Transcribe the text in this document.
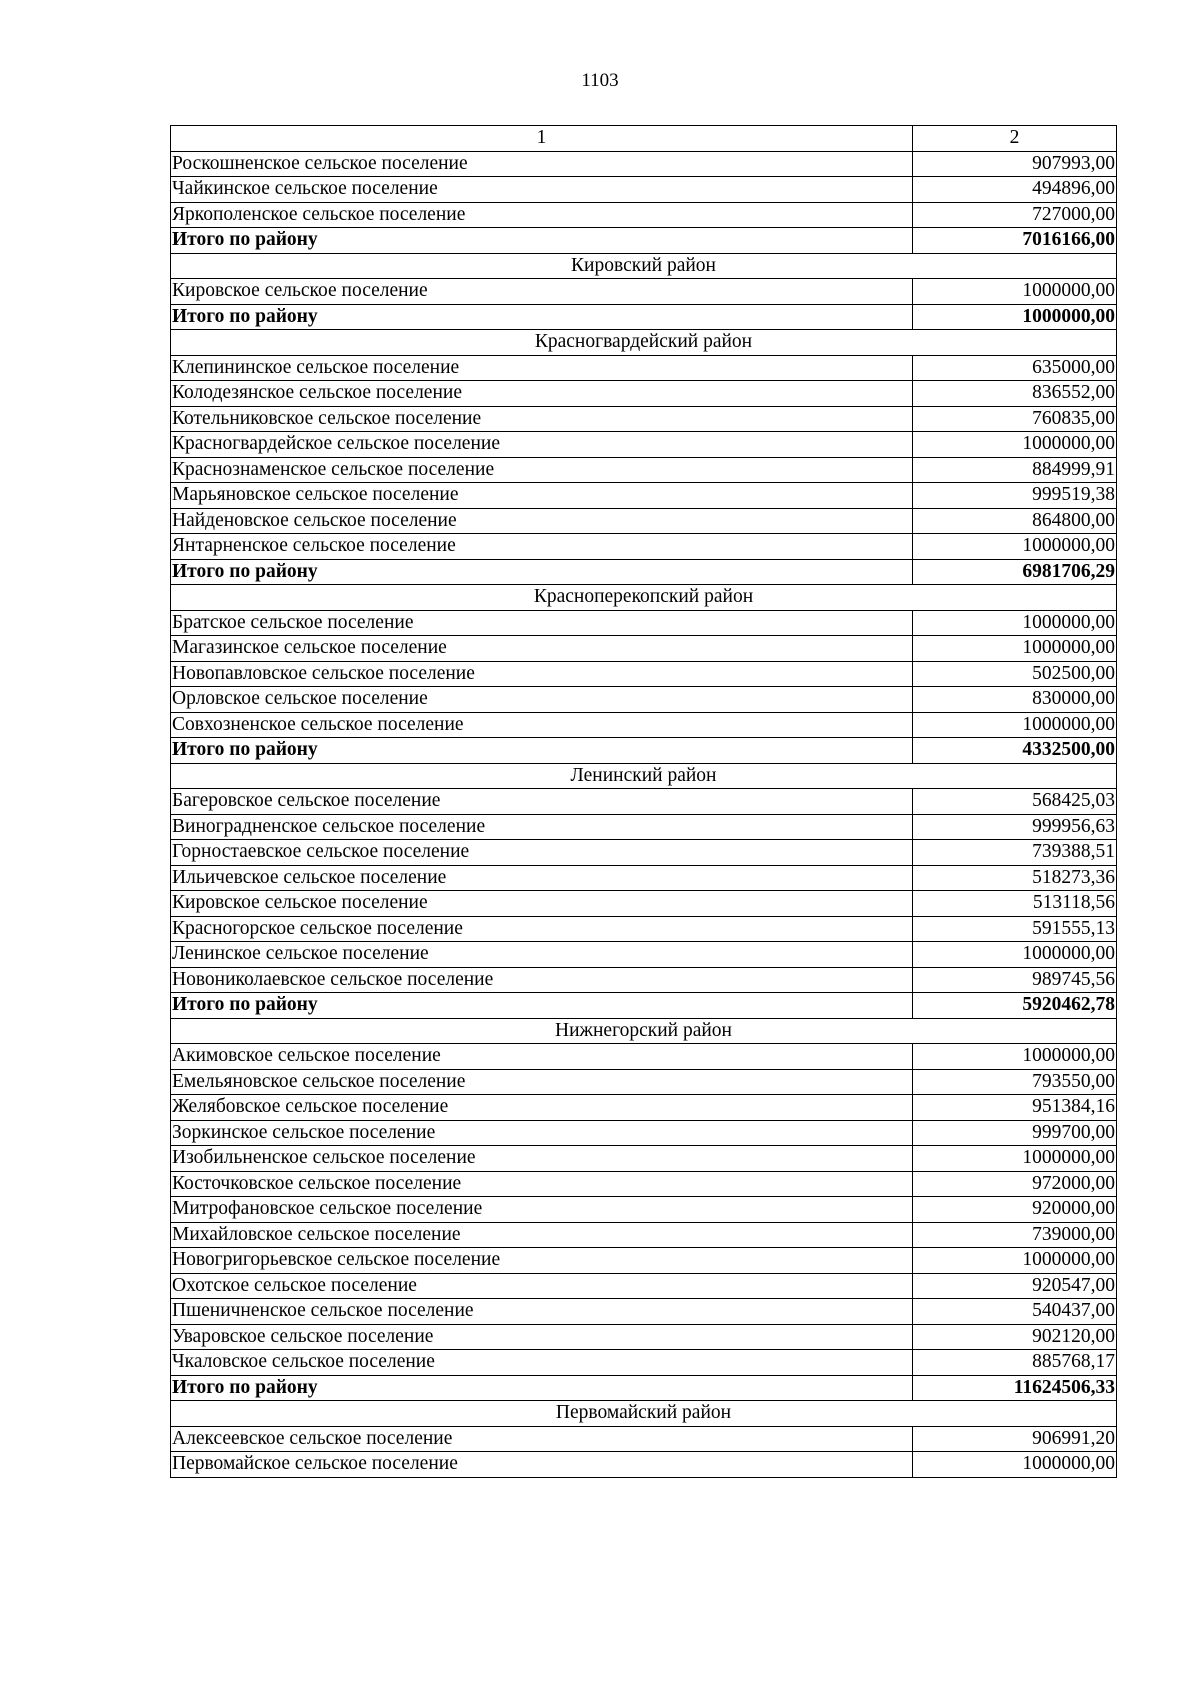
1103
1	2
Роскошненское сельское поселение	907993,00
Чайкинское сельское поселение	494896,00
Яркополенское сельское поселение	727000,00
Итого по району	7016166,00
Кировский район	
Кировское сельское поселение	1000000,00
Итого по району	1000000,00
Красногвардейский район	
Клепининское сельское поселение	635000,00
Колодезянское сельское поселение	836552,00
Котельниковское сельское поселение	760835,00
Красногвардейское сельское поселение	1000000,00
Краснознаменское сельское поселение	884999,91
Марьяновское сельское поселение	999519,38
Найденовское сельское поселение	864800,00
Янтарненское сельское поселение	1000000,00
Итого по району	6981706,29
Красноперекопский район	
Братское сельское поселение	1000000,00
Магазинское сельское поселение	1000000,00
Новопавловское сельское поселение	502500,00
Орловское сельское поселение	830000,00
Совхозненское сельское поселение	1000000,00
Итого по району	4332500,00
Ленинский район	
Багеровское сельское поселение	568425,03
Виноградненское сельское поселение	999956,63
Горностаевское сельское поселение	739388,51
Ильичевское сельское поселение	518273,36
Кировское сельское поселение	513118,56
Красногорское сельское поселение	591555,13
Ленинское сельское поселение	1000000,00
Новониколаевское сельское поселение	989745,56
Итого по району	5920462,78
Нижнегорский район	
Акимовское сельское поселение	1000000,00
Емельяновское сельское поселение	793550,00
Желябовское сельское поселение	951384,16
Зоркинское сельское поселение	999700,00
Изобильненское сельское поселение	1000000,00
Косточковское сельское поселение	972000,00
Митрофановское сельское поселение	920000,00
Михайловское сельское поселение	739000,00
Новогригорьевское сельское поселение	1000000,00
Охотское сельское поселение	920547,00
Пшеничненское сельское поселение	540437,00
Уваровское сельское поселение	902120,00
Чкаловское сельское поселение	885768,17
Итого по району	11624506,33
Первомайский район	
Алексеевское сельское поселение	906991,20
Первомайское сельское поселение	1000000,00
